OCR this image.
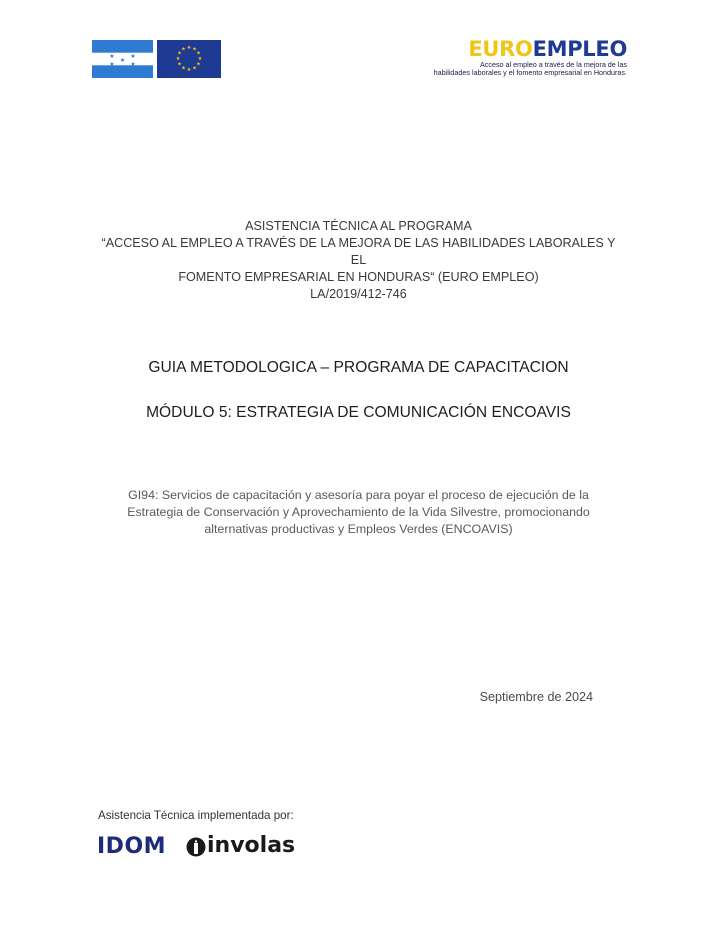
★	★
★
★	★
★ ★
★
★
★
★
★
★
★
★
★
★	EUROEMPLEO
Acceso al empleo a través de la mejora de las
habilidades laborales y el fomento empresarial en Honduras.
ASISTENCIA TÉCNICA AL PROGRAMA
“ACCESO AL EMPLEO A TRAVÉS DE LA MEJORA DE LAS HABILIDADES LABORALES Y EL
FOMENTO EMPRESARIAL EN HONDURAS“ (EURO EMPLEO)
LA/2019/412-746
GUIA METODOLOGICA – PROGRAMA DE CAPACITACION
MÓDULO 5: ESTRATEGIA DE COMUNICACIÓN ENCOAVIS
GI94: Servicios de capacitación y asesoría para poyar el proceso de ejecución de la
Estrategia de Conservación y Aprovechamiento de la Vida Silvestre, promocionando
alternativas productivas y Empleos Verdes (ENCOAVIS)
Septiembre de 2024
Asistencia Técnica implementada por:
IDOM involas
